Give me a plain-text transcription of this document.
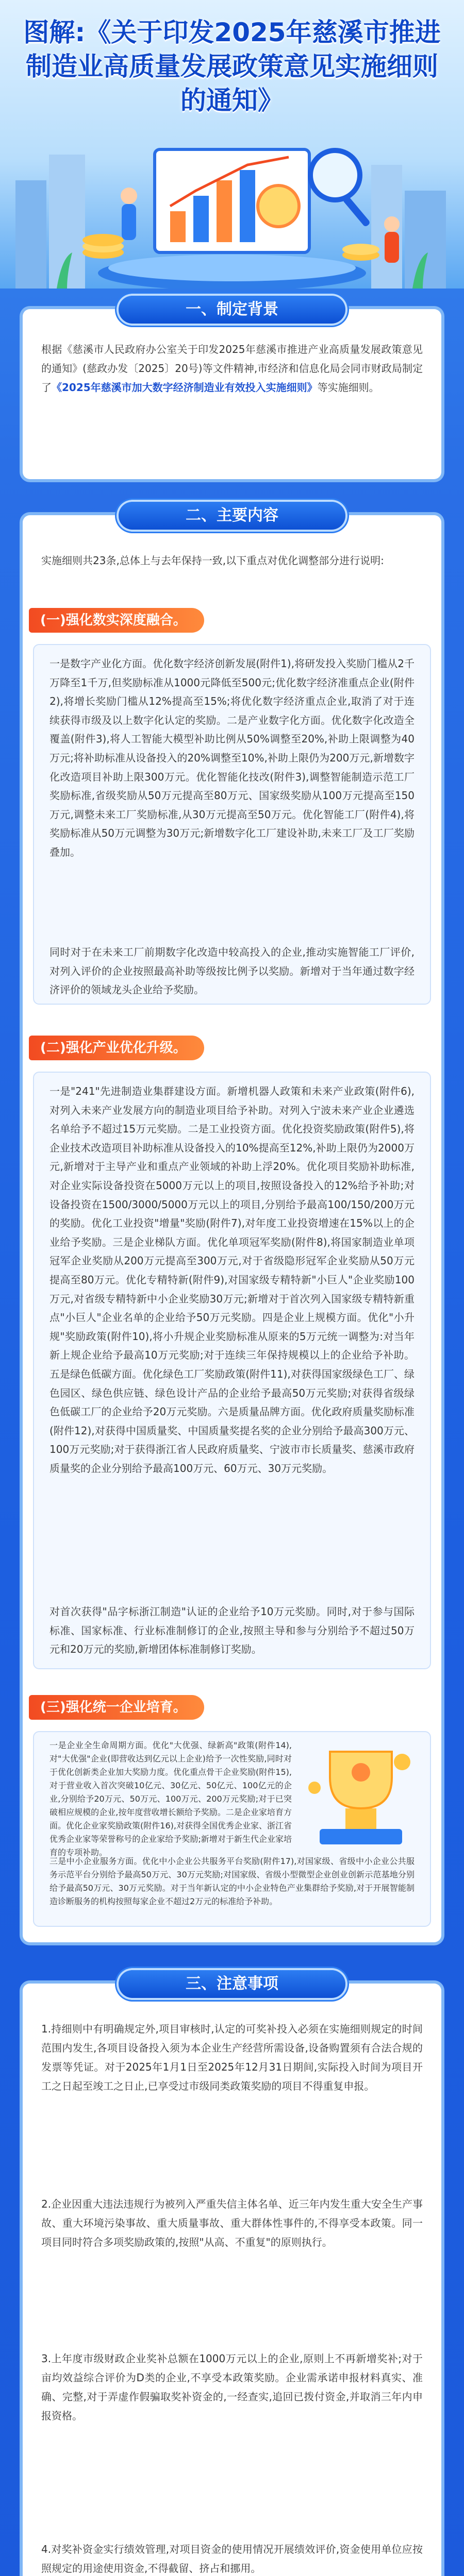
图解:《关于印发2025年慈溪市推进制造业高质量发展政策意见实施细则的通知》
一、制定背景
根据《慈溪市人民政府办公室关于印发2025年慈溪市推进产业高质量发展政策意见的通知》(慈政办发〔2025〕20号)等文件精神,市经济和信息化局会同市财政局制定了《2025年慈溪市加大数字经济制造业有效投入实施细则》等实施细则。
二、主要内容
实施细则共23条,总体上与去年保持一致,以下重点对优化调整部分进行说明:
(一)强化数实深度融合。
一是数字产业化方面。优化数字经济创新发展(附件1),将研发投入奖励门槛从2千万降至1千万,但奖励标准从1000元降低至500元;优化数字经济准重点企业(附件2),将增长奖励门槛从12%提高至15%;将优化数字经济重点企业,取消了对于连续获得市级及以上数字化认定的奖励。二是产业数字化方面。优化数字化改造全覆盖(附件3),将人工智能大模型补助比例从50%调整至20%,补助上限调整为40万元;将补助标准从设备投入的20%调整至10%,补助上限仍为200万元,新增数字化改造项目补助上限300万元。优化智能化技改(附件3),调整智能制造示范工厂奖励标准,省级奖励从50万元提高至80万元、国家级奖励从100万元提高至150万元,调整未来工厂奖励标准,从30万元提高至50万元。优化智能工厂(附件4),将奖励标准从50万元调整为30万元;新增数字化工厂建设补助,未来工厂及工厂奖励叠加。
同时对于在未来工厂前期数字化改造中较高投入的企业,推动实施智能工厂评价,对列入评价的企业按照最高补助等级按比例予以奖励。新增对于当年通过数字经济评价的领域龙头企业给予奖励。
(二)强化产业优化升级。
一是"241"先进制造业集群建设方面。新增机器人政策和未来产业政策(附件6),对列入未来产业发展方向的制造业项目给予补助。对列入宁波未来产业企业遴选名单给予不超过15万元奖励。二是工业投资方面。优化投资奖励政策(附件5),将企业技术改造项目补助标准从设备投入的10%提高至12%,补助上限仍为2000万元,新增对于主导产业和重点产业领域的补助上浮20%。优化项目奖励补助标准,对企业实际设备投资在5000万元以上的项目,按照设备投入的12%给予补助;对设备投资在1500/3000/5000万元以上的项目,分别给予最高100/150/200万元的奖励。优化工业投资"增量"奖励(附件7),对年度工业投资增速在15%以上的企业给予奖励。三是企业梯队方面。优化单项冠军奖励(附件8),将国家制造业单项冠军企业奖励从200万元提高至300万元,对于省级隐形冠军企业奖励从50万元提高至80万元。优化专精特新(附件9),对国家级专精特新"小巨人"企业奖励100万元,对省级专精特新中小企业奖励30万元;新增对于首次列入国家级专精特新重点"小巨人"企业名单的企业给予50万元奖励。四是企业上规模方面。优化"小升规"奖励政策(附件10),将小升规企业奖励标准从原来的5万元统一调整为:对当年新上规企业给予最高10万元奖励;对于连续三年保持规模以上的企业给予补助。五是绿色低碳方面。优化绿色工厂奖励政策(附件11),对获得国家级绿色工厂、绿色园区、绿色供应链、绿色设计产品的企业给予最高50万元奖励;对获得省级绿色低碳工厂的企业给予20万元奖励。六是质量品牌方面。优化政府质量奖励标准(附件12),对获得中国质量奖、中国质量奖提名奖的企业分别给予最高300万元、100万元奖励;对于获得浙江省人民政府质量奖、宁波市市长质量奖、慈溪市政府质量奖的企业分别给予最高100万元、60万元、30万元奖励。
对首次获得"品字标浙江制造"认证的企业给予10万元奖励。同时,对于参与国际标准、国家标准、行业标准制修订的企业,按照主导和参与分别给予不超过50万元和20万元的奖励,新增团体标准制修订奖励。
(三)强化统一企业培育。
一是企业全生命周期方面。优化"大优强、绿新高"政策(附件14),对"大优强"企业(即营收达到亿元以上企业)给予一次性奖励,同时对于优化创新类企业加大奖励力度。优化重点骨干企业奖励(附件15),对于营业收入首次突破10亿元、30亿元、50亿元、100亿元的企业,分别给予20万元、50万元、100万元、200万元奖励;对于已突破相应规模的企业,按年度营收增长额给予奖励。二是企业家培育方面。优化企业家奖励政策(附件16),对获得全国优秀企业家、浙江省优秀企业家等荣誉称号的企业家给予奖励;新增对于新生代企业家培育的专项补助。
三是中小企业服务方面。优化中小企业公共服务平台奖励(附件17),对国家级、省级中小企业公共服务示范平台分别给予最高50万元、30万元奖励;对国家级、省级小型微型企业创业创新示范基地分别给予最高50万元、30万元奖励。对于当年新认定的中小企业特色产业集群给予奖励,对于开展智能制造诊断服务的机构按照每家企业不超过2万元的标准给予补助。
三、注意事项
1.持细则中有明确规定外,项目审核时,认定的可奖补投入必须在实施细则规定的时间范围内发生,各项目设备投入须为本企业生产经营所需设备,设备购置须有合法合规的发票等凭证。对于2025年1月1日至2025年12月31日期间,实际投入时间为项目开工之日起至竣工之日止,已享受过市级同类政策奖励的项目不得重复申报。
2.企业因重大违法违规行为被列入严重失信主体名单、近三年内发生重大安全生产事故、重大环境污染事故、重大质量事故、重大群体性事件的,不得享受本政策。同一项目同时符合多项奖励政策的,按照"从高、不重复"的原则执行。
3.上年度市级财政企业奖补总额在1000万元以上的企业,原则上不再新增奖补;对于亩均效益综合评价为D类的企业,不享受本政策奖励。企业需承诺申报材料真实、准确、完整,对于弄虚作假骗取奖补资金的,一经查实,追回已拨付资金,并取消三年内申报资格。
4.对奖补资金实行绩效管理,对项目资金的使用情况开展绩效评价,资金使用单位应按照规定的用途使用资金,不得截留、挤占和挪用。
